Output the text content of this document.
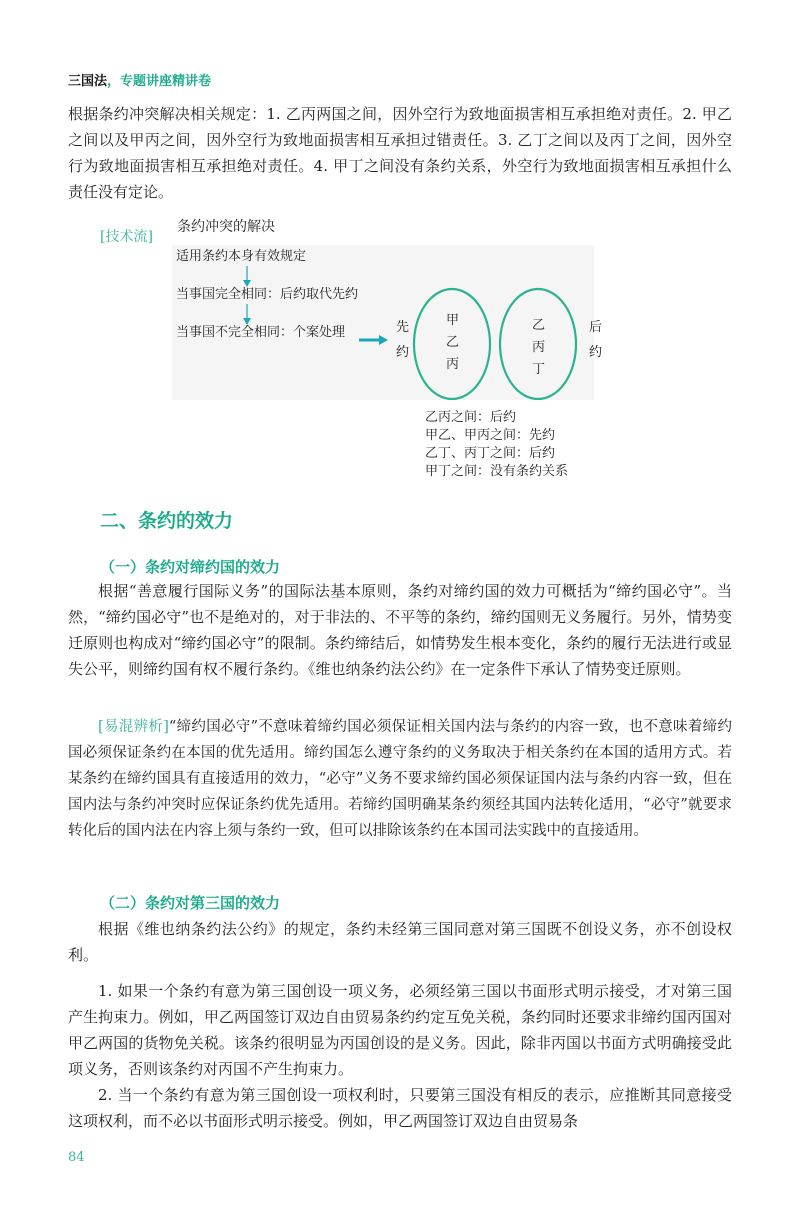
三国法，专题讲座精讲卷

根据条约冲突解决相关规定：1. 乙丙两国之间，因外空行为致地面损害相互承担绝对责任。2. 甲乙之间以及甲丙之间，因外空行为致地面损害相互承担过错责任。3. 乙丁之间以及丙丁之间，因外空行为致地面损害相互承担绝对责任。4. 甲丁之间没有条约关系，外空行为致地面损害相互承担什么责任没有定论。

[技术流]
条约冲突的解决
适用条约本身有效规定
当事国完全相同：后约取代先约
当事国不完全相同：个案处理	先
约
后
约
甲
乙
丙
乙
丙
丁
乙丙之间：后约
甲乙、甲丙之间：先约
乙丁、丙丁之间：后约
甲丁之间：没有条约关系
二、条约的效力
（一）条约对缔约国的效力

根据“善意履行国际义务”的国际法基本原则，条约对缔约国的效力可概括为“缔约国必守”。当然，“缔约国必守”也不是绝对的，对于非法的、不平等的条约，缔约国则无义务履行。另外，情势变迁原则也构成对“缔约国必守”的限制。条约缔结后，如情势发生根本变化，条约的履行无法进行或显失公平，则缔约国有权不履行条约。《维也纳条约法公约》在一定条件下承认了情势变迁原则。

[易混辨析]“缔约国必守”不意味着缔约国必须保证相关国内法与条约的内容一致，也不意味着缔约国必须保证条约在本国的优先适用。缔约国怎么遵守条约的义务取决于相关条约在本国的适用方式。若某条约在缔约国具有直接适用的效力，“必守”义务不要求缔约国必须保证国内法与条约内容一致，但在国内法与条约冲突时应保证条约优先适用。若缔约国明确某条约须经其国内法转化适用，“必守”就要求转化后的国内法在内容上须与条约一致，但可以排除该条约在本国司法实践中的直接适用。

（二）条约对第三国的效力

根据《维也纳条约法公约》的规定，条约未经第三国同意对第三国既不创设义务，亦不创设权利。

1. 如果一个条约有意为第三国创设一项义务，必须经第三国以书面形式明示接受，才对第三国产生拘束力。例如，甲乙两国签订双边自由贸易条约约定互免关税，条约同时还要求非缔约国丙国对甲乙两国的货物免关税。该条约很明显为丙国创设的是义务。因此，除非丙国以书面方式明确接受此项义务，否则该条约对丙国不产生拘束力。

2. 当一个条约有意为第三国创设一项权利时，只要第三国没有相反的表示，应推断其同意接受这项权利，而不必以书面形式明示接受。例如，甲乙两国签订双边自由贸易条

84
